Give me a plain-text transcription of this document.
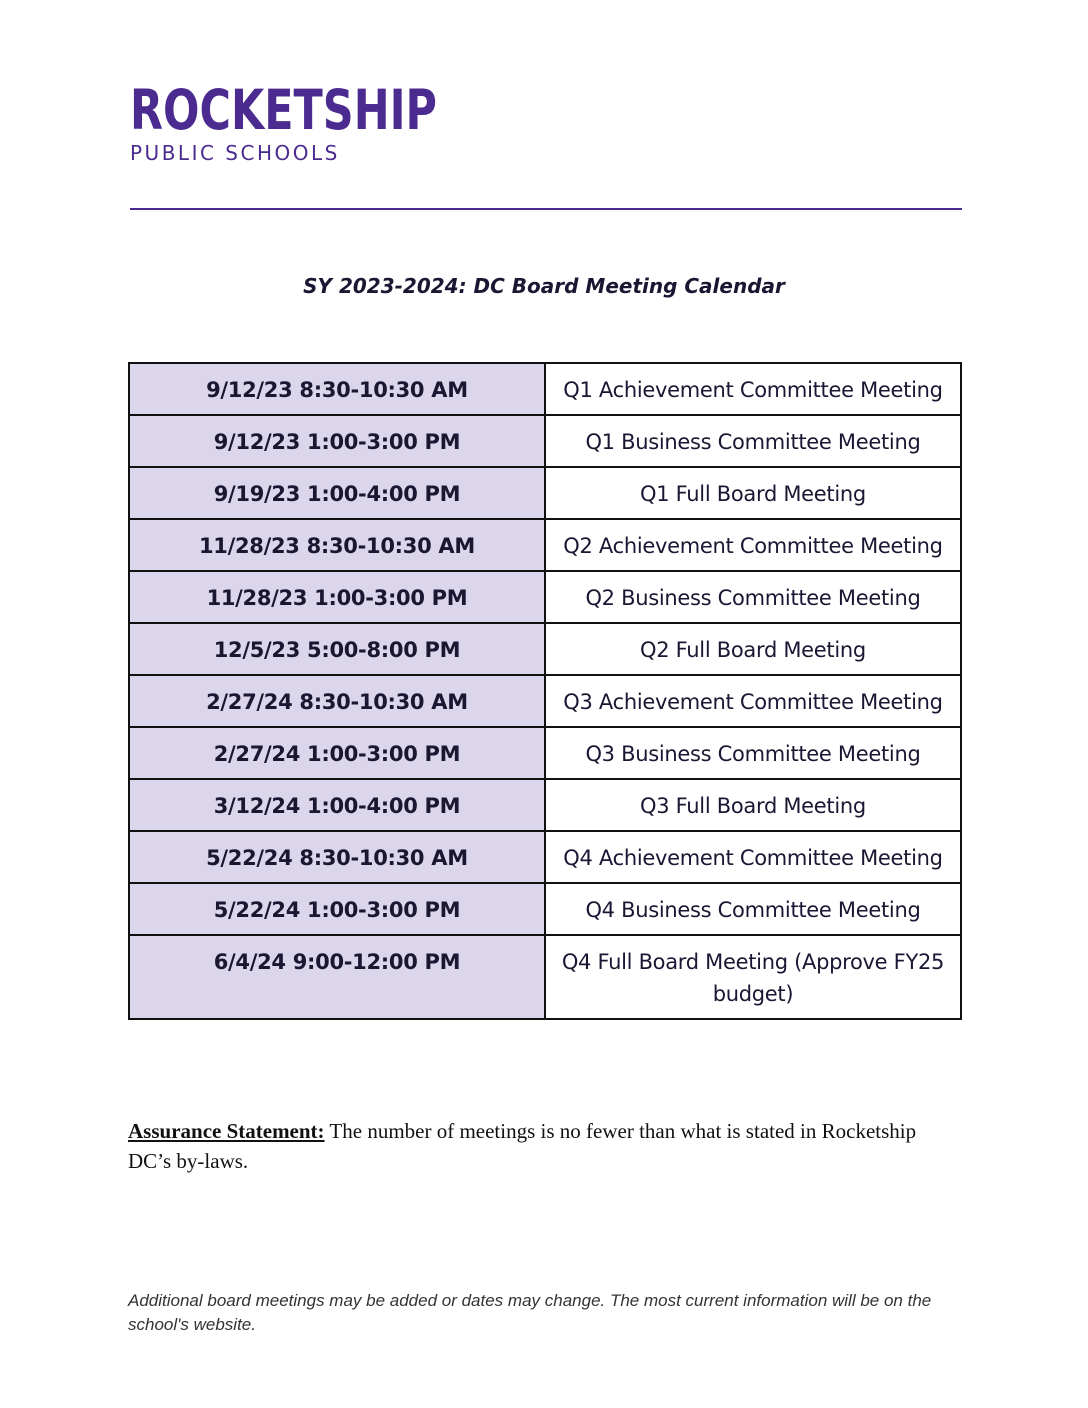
ROCKETSHIP
PUBLIC SCHOOLS
SY 2023-2024: DC Board Meeting Calendar
9/12/23 8:30-10:30 AM	Q1 Achievement Committee Meeting
9/12/23 1:00-3:00 PM	Q1 Business Committee Meeting
9/19/23 1:00-4:00 PM	Q1 Full Board Meeting
11/28/23 8:30-10:30 AM	Q2 Achievement Committee Meeting
11/28/23 1:00-3:00 PM	Q2 Business Committee Meeting
12/5/23 5:00-8:00 PM	Q2 Full Board Meeting
2/27/24 8:30-10:30 AM	Q3 Achievement Committee Meeting
2/27/24 1:00-3:00 PM	Q3 Business Committee Meeting
3/12/24 1:00-4:00 PM	Q3 Full Board Meeting
5/22/24 8:30-10:30 AM	Q4 Achievement Committee Meeting
5/22/24 1:00-3:00 PM	Q4 Business Committee Meeting
6/4/24 9:00-12:00 PM	Q4 Full Board Meeting (Approve FY25 budget)
Assurance Statement: The number of meetings is no fewer than what is stated in Rocketship DC’s by-laws.
Additional board meetings may be added or dates may change. The most current information will be on the school's website.
